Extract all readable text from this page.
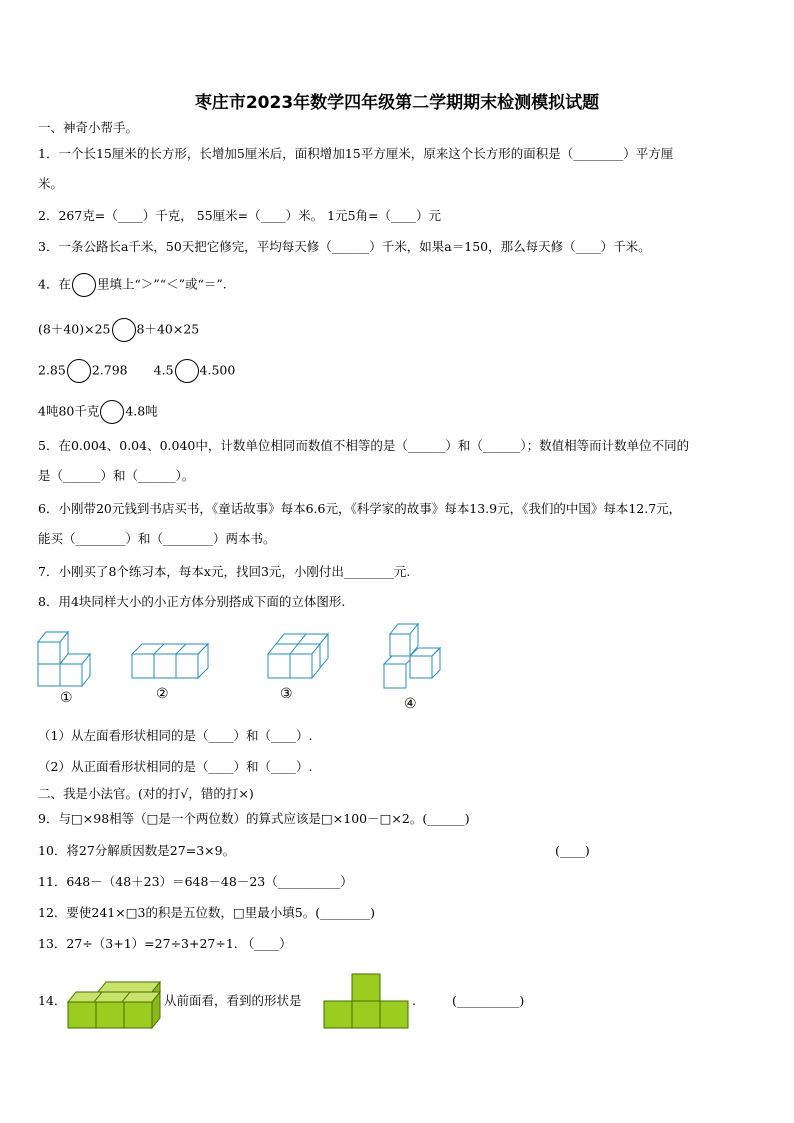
枣庄市2023年数学四年级第二学期期末检测模拟试题
一、神奇小帮手。
1．一个长15厘米的长方形，长增加5厘米后，面积增加15平方厘米，原来这个长方形的面积是（________）平方厘
米。
2．267克=（____）千克， 55厘米=（____）米。 1元5角=（____）元
3．一条公路长a千米，50天把它修完，平均每天修（______）千米，如果a＝150，那么每天修（____）千米。
4．在 里填上“＞”“＜”或“＝”.
(8＋40)×25 8＋40×25
2.85 2.798 4.5 4.500
4吨80千克 4.8吨
5．在0.004、0.04、0.040中，计数单位相同而数值不相等的是（______）和（______）；数值相等而计数单位不同的
是（______）和（______）。
6．小刚带20元钱到书店买书，《童话故事》每本6.6元，《科学家的故事》每本13.9元，《我们的中国》每本12.7元，
能买（________）和（________）两本书。
7．小刚买了8个练习本，每本x元，找回3元，小刚付出________元.
8．用4块同样大小的小正方体分别搭成下面的立体图形.
①	②	③
④
（1）从左面看形状相同的是（____）和（____）.
（2）从正面看形状相同的是（____）和（____）.
二、我是小法官。(对的打√，错的打×)
9．与□×98相等（□是一个两位数）的算式应该是□×100－□×2。(______)
10．将27分解质因数是27=3×9。	(____)
11．648－（48＋23）＝648－48－23（__________）
12．要使241×□3的积是五位数，□里最小填5。(________)
13．27÷（3+1）=27÷3+27÷1. （____）
14．	从前面看，看到的形状是	.	(__________)
